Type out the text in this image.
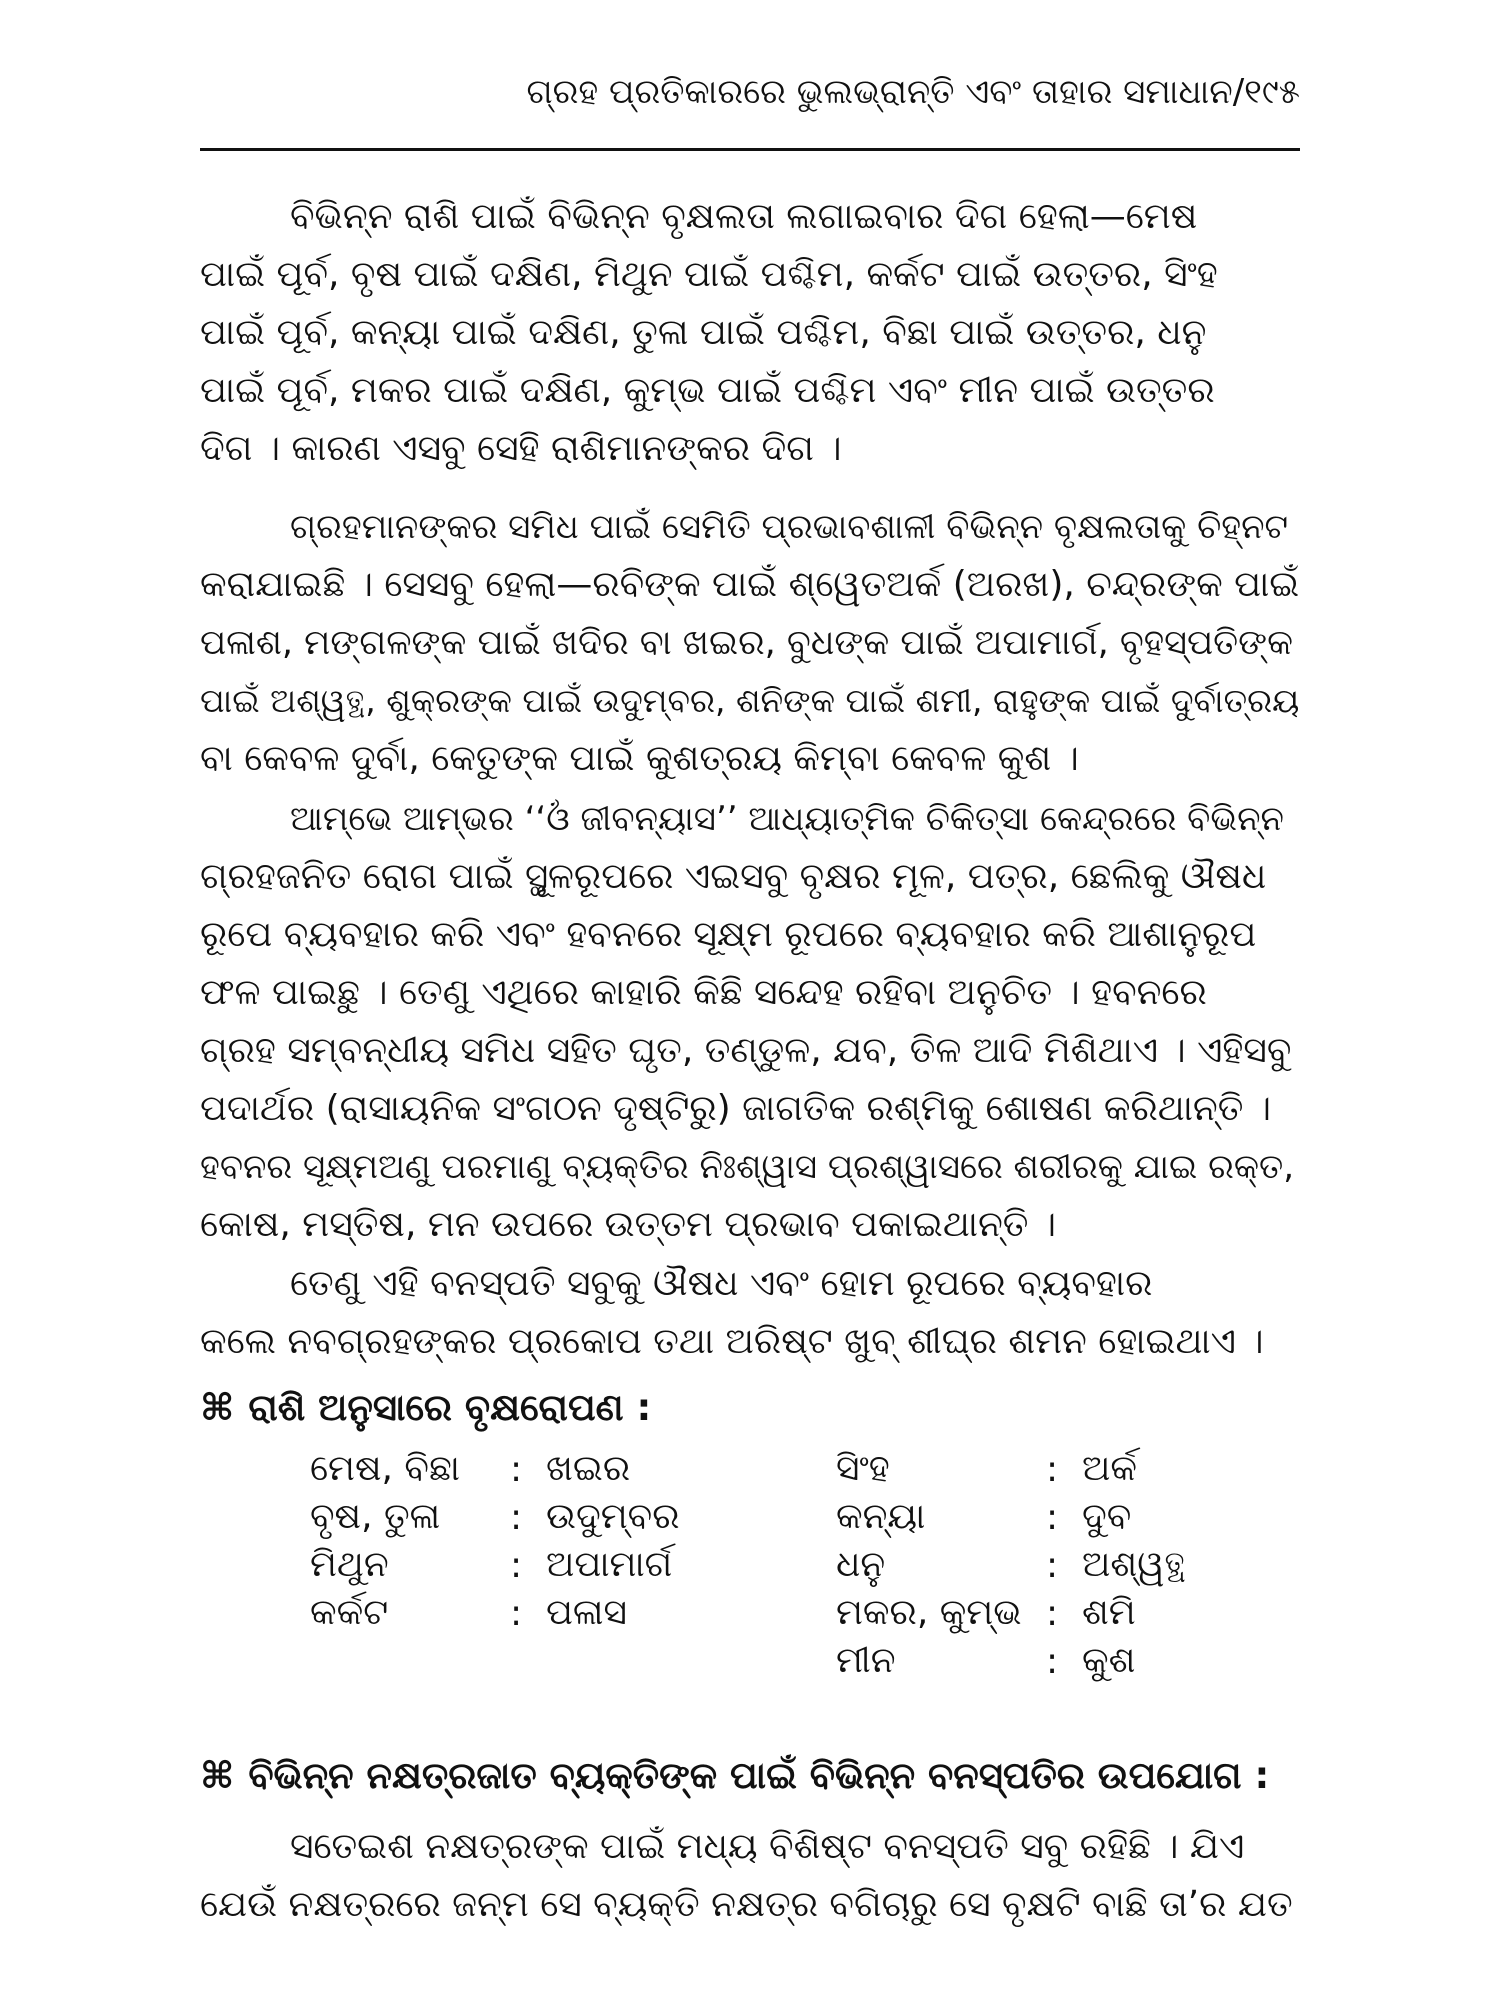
ଗ୍ରହ ପ୍ରତିକାରରେ ଭୁଲଭ୍ରାନ୍ତି ଏବଂ ତାହାର ସମାଧାନ/୧୯୫
ବିଭିନ୍ନ ରାଶି ପାଇଁ ବିଭିନ୍ନ ବୃକ୍ଷଲତା ଲଗାଇବାର ଦିଗ ହେଲା—ମେଷ
ପାଇଁ ପୂର୍ବ, ବୃଷ ପାଇଁ ଦକ୍ଷିଣ, ମିଥୁନ ପାଇଁ ପଶ୍ଚିମ, କର୍କଟ ପାଇଁ ଉତ୍ତର, ସିଂହ
ପାଇଁ ପୂର୍ବ, କନ୍ୟା ପାଇଁ ଦକ୍ଷିଣ, ତୁଳା ପାଇଁ ପଶ୍ଚିମ, ବିଛା ପାଇଁ ଉତ୍ତର, ଧନୁ
ପାଇଁ ପୂର୍ବ, ମକର ପାଇଁ ଦକ୍ଷିଣ, କୁମ୍ଭ ପାଇଁ ପଶ୍ଚିମ ଏବଂ ମୀନ ପାଇଁ ଉତ୍ତର
ଦିଗ । କାରଣ ଏସବୁ ସେହି ରାଶିମାନଙ୍କର ଦିଗ ।
ଗ୍ରହମାନଙ୍କର ସମିଧ ପାଇଁ ସେମିତି ପ୍ରଭାବଶାଳୀ ବିଭିନ୍ନ ବୃକ୍ଷଲତାକୁ ଚିହ୍ନଟ
କରାଯାଇଛି । ସେସବୁ ହେଲା—ରବିଙ୍କ ପାଇଁ ଶ୍ୱେତଅର୍କ (ଅରଖ), ଚନ୍ଦ୍ରଙ୍କ ପାଇଁ
ପଳାଶ, ମଙ୍ଗଳଙ୍କ ପାଇଁ ଖଦିର ବା ଖଇର, ବୁଧଙ୍କ ପାଇଁ ଅପାମାର୍ଗ, ବୃହସ୍ପତିଙ୍କ
ପାଇଁ ଅଶ୍ୱତ୍ଥ, ଶୁକ୍ରଙ୍କ ପାଇଁ ଉଦୁମ୍ବର, ଶନିଙ୍କ ପାଇଁ ଶମୀ, ରାହୁଙ୍କ ପାଇଁ ଦୁର୍ବାତ୍ରୟ
ବା କେବଳ ଦୁର୍ବା, କେତୁଙ୍କ ପାଇଁ କୁଶତ୍ରୟ କିମ୍ବା କେବଳ କୁଶ ।
ଆମ୍ଭେ ଆମ୍ଭର ‘‘ଓଁ ଜୀବନ୍ୟାସ’’ ଆଧ୍ୟାତ୍ମିକ ଚିକିତ୍ସା କେନ୍ଦ୍ରରେ ବିଭିନ୍ନ
ଗ୍ରହଜନିତ ରୋଗ ପାଇଁ ସ୍ଥୂଳରୂପରେ ଏଇସବୁ ବୃକ୍ଷର ମୂଳ, ପତ୍ର, ଛେଲିକୁ ଔଷଧ
ରୂପେ ବ୍ୟବହାର କରି ଏବଂ ହବନରେ ସୂକ୍ଷ୍ମ ରୂପରେ ବ୍ୟବହାର କରି ଆଶାନୁରୂପ
ଫଳ ପାଇଛୁ । ତେଣୁ ଏଥିରେ କାହାରି କିଛି ସନ୍ଦେହ ରହିବା ଅନୁଚିତ । ହବନରେ
ଗ୍ରହ ସମ୍ବନ୍ଧୀୟ ସମିଧ ସହିତ ଘୃତ, ତଣ୍ଡୁଳ, ଯବ, ତିଳ ଆଦି ମିଶିଥାଏ । ଏହିସବୁ
ପଦାର୍ଥର (ରାସାୟନିକ ସଂଗଠନ ଦୃଷ୍ଟିରୁ) ଜାଗତିକ ରଶ୍ମିକୁ ଶୋଷଣ କରିଥାନ୍ତି ।
ହବନର ସୂକ୍ଷ୍ମଅଣୁ ପରମାଣୁ ବ୍ୟକ୍ତିର ନିଃଶ୍ୱାସ ପ୍ରଶ୍ୱାସରେ ଶରୀରକୁ ଯାଇ ରକ୍ତ,
କୋଷ, ମସ୍ତିଷ, ମନ ଉପରେ ଉତ୍ତମ ପ୍ରଭାବ ପକାଇଥାନ୍ତି ।
ତେଣୁ ଏହି ବନସ୍ପତି ସବୁକୁ ଔଷଧ ଏବଂ ହୋମ ରୂପରେ ବ୍ୟବହାର
କଲେ ନବଗ୍ରହଙ୍କର ପ୍ରକୋପ ତଥା ଅରିଷ୍ଟ ଖୁବ୍ ଶୀଘ୍ର ଶମନ ହୋଇଥାଏ ।
⌘ ରାଶି ଅନୁସାରେ ବୃକ୍ଷରୋପଣ :
ମେଷ, ବିଛା	:	ଖଇର	ସିଂହ	:	ଅର୍କ
ବୃଷ, ତୁଳା	:	ଉଦୁମ୍ବର	କନ୍ୟା	:	ଦୁବ
ମିଥୁନ	:	ଅପାମାର୍ଗ	ଧନୁ	:	ଅଶ୍ୱତ୍ଥ
କର୍କଟ	:	ପଳାସ	ମକର, କୁମ୍ଭ	:	ଶମି
			ମୀନ	:	କୁଶ
⌘ ବିଭିନ୍ନ ନକ୍ଷତ୍ରଜାତ ବ୍ୟକ୍ତିଙ୍କ ପାଇଁ ବିଭିନ୍ନ ବନସ୍ପତିର ଉପଯୋଗ :
ସତେଇଶ ନକ୍ଷତ୍ରଙ୍କ ପାଇଁ ମଧ୍ୟ ବିଶିଷ୍ଟ ବନସ୍ପତି ସବୁ ରହିଛି । ଯିଏ
ଯେଉଁ ନକ୍ଷତ୍ରରେ ଜନ୍ମ ସେ ବ୍ୟକ୍ତି ନକ୍ଷତ୍ର ବଗିଚାରୁ ସେ ବୃକ୍ଷଟି ବାଛି ତା’ର ଯତ
